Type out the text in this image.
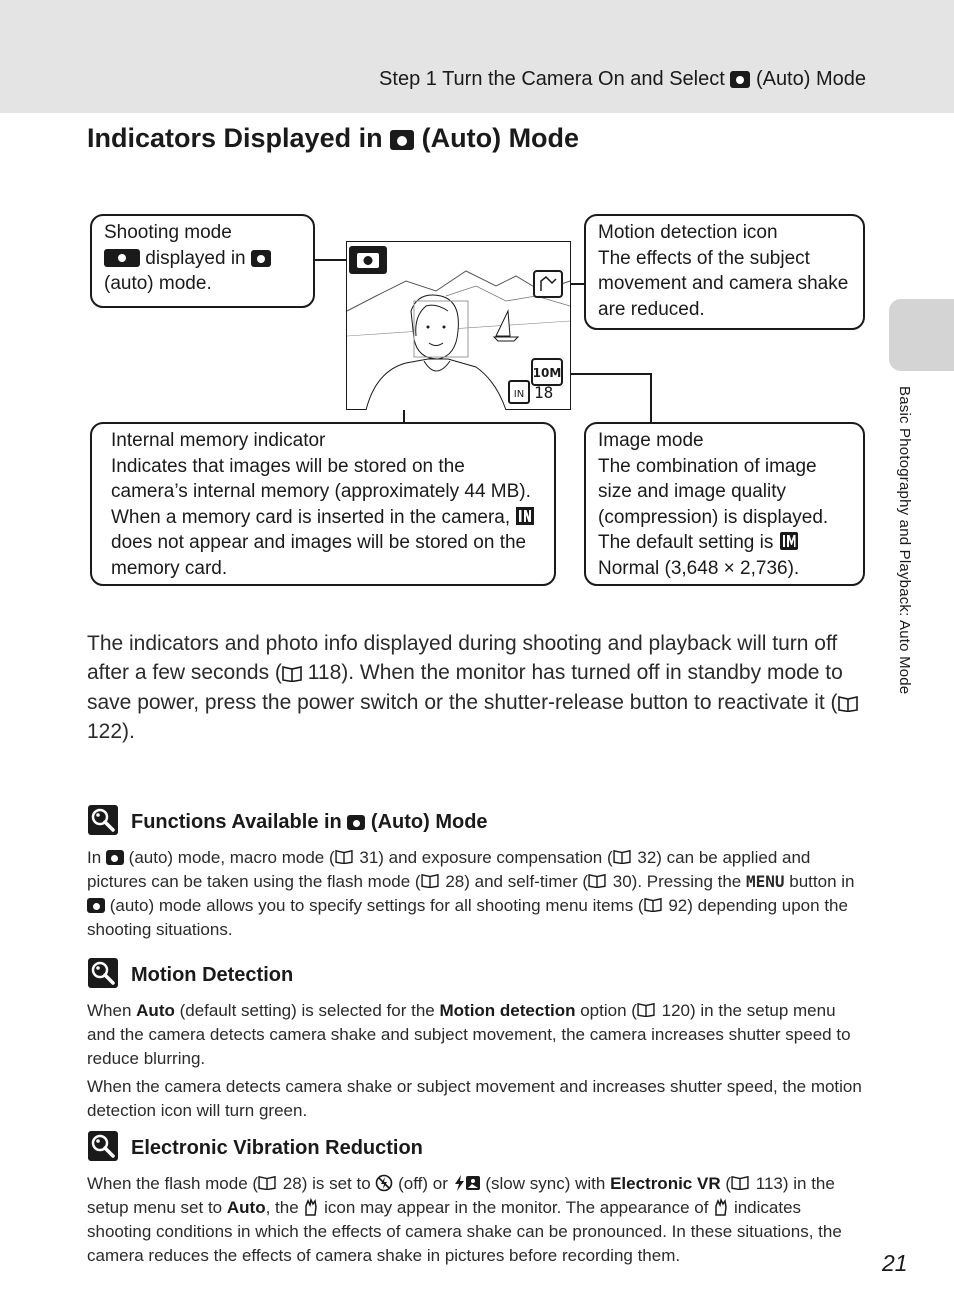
Step 1 Turn the Camera On and Select (Auto) Mode
Basic Photography and Playback: Auto Mode
Indicators Displayed in (Auto) Mode
10M
IN 18

Shooting mode

displayed in

(auto) mode.

Motion detection icon

The effects of the subject movement and camera shake are reduced.

Internal memory indicator

Indicates that images will be stored on the camera’s internal memory (approximately 44 MB). When a memory card is inserted in the camera,
does not appear and images will be stored on the memory card.

Image mode

The combination of image size and image quality (compression) is displayed. The default setting is
Normal (3,648 × 2,736).

The indicators and photo info displayed during shooting and playback will turn off after a few seconds ( 118). When the monitor has turned off in standby mode to save power, press the power switch or the shutter-release button to reactivate it (
122).

Functions Available in (Auto) Mode

In (auto) mode, macro mode ( 31) and exposure compensation ( 32) can be applied and pictures can be taken using the flash mode ( 28) and self-timer ( 30). Pressing the MENU button in  (auto) mode allows you to specify settings for all shooting menu items ( 92) depending upon the shooting situations.

Motion Detection

When Auto (default setting) is selected for the Motion detection option ( 120) in the setup menu and the camera detects camera shake and subject movement, the camera increases shutter speed to reduce blurring.

When the camera detects camera shake or subject movement and increases shutter speed, the motion detection icon will turn green.

Electronic Vibration Reduction

When the flash mode ( 28) is set to (off) or (slow sync) with Electronic VR ( 113) in the setup menu set to Auto, the icon may appear in the monitor. The appearance of indicates shooting conditions in which the effects of camera shake can be pronounced. In these situations, the camera reduces the effects of camera shake in pictures before recording them.	21
